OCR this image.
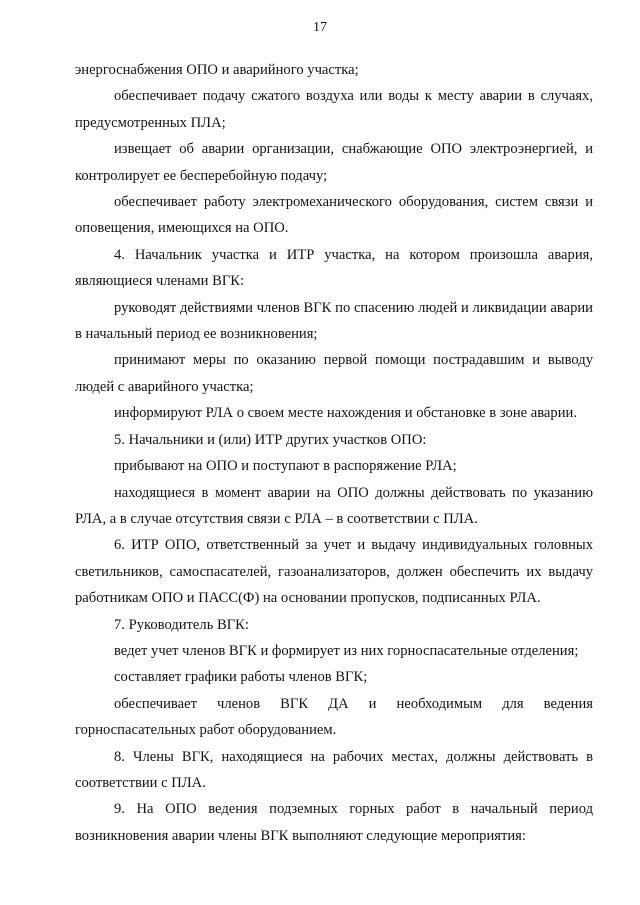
17

энергоснабжения ОПО и аварийного участка;

обеспечивает подачу сжатого воздуха или воды к месту аварии в случаях, предусмотренных ПЛА;

извещает об аварии организации, снабжающие ОПО электроэнергией, и контролирует ее бесперебойную подачу;

обеспечивает работу электромеханического оборудования, систем связи и оповещения, имеющихся на ОПО.

4. Начальник участка и ИТР участка, на котором произошла авария, являющиеся членами ВГК:

руководят действиями членов ВГК по спасению людей и ликвидации аварии в начальный период ее возникновения;

принимают меры по оказанию первой помощи пострадавшим и выводу людей с аварийного участка;

информируют РЛА о своем месте нахождения и обстановке в зоне аварии.

5. Начальники и (или) ИТР других участков ОПО:

прибывают на ОПО и поступают в распоряжение РЛА;

находящиеся в момент аварии на ОПО должны действовать по указанию РЛА, а в случае отсутствия связи с РЛА – в соответствии с ПЛА.

6. ИТР ОПО, ответственный за учет и выдачу индивидуальных головных светильников, самоспасателей, газоанализаторов, должен обеспечить их выдачу работникам ОПО и ПАСС(Ф) на основании пропусков, подписанных РЛА.

7. Руководитель ВГК:

ведет учет членов ВГК и формирует из них горноспасательные отделения;

составляет графики работы членов ВГК;

обеспечивает членов ВГК ДА и необходимым для ведения горноспасательных работ оборудованием.

8. Члены ВГК, находящиеся на рабочих местах, должны действовать в соответствии с ПЛА.

9. На ОПО ведения подземных горных работ в начальный период возникновения аварии члены ВГК выполняют следующие мероприятия:
